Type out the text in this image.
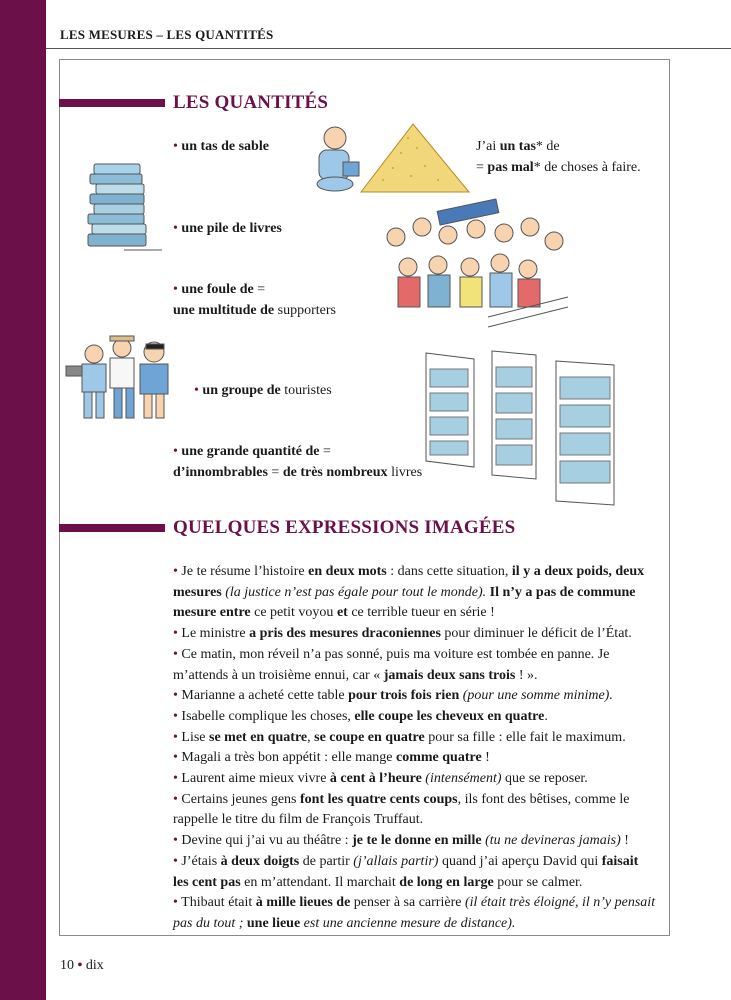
LES MESURES – LES QUANTITÉS
LES QUANTITÉS
• un tas de sable	J’ai un tas* de
= pas mal* de choses à faire.
• une pile de livres
• une foule de =
une multitude de supporters
• un groupe de touristes
• une grande quantité de =
d’innombrables = de très nombreux livres
QUELQUES EXPRESSIONS IMAGÉES

• Je te résume l’histoire en deux mots : dans cette situation, il y a deux poids, deux mesures (la justice n’est pas égale pour tout le monde). Il n’y a pas de commune mesure entre ce petit voyou et ce terrible tueur en série !

• Le ministre a pris des mesures draconiennes pour diminuer le déficit de l’État.

• Ce matin, mon réveil n’a pas sonné, puis ma voiture est tombée en panne. Je m’attends à un troisième ennui, car « jamais deux sans trois ! ».

• Marianne a acheté cette table pour trois fois rien (pour une somme minime).

• Isabelle complique les choses, elle coupe les cheveux en quatre.

• Lise se met en quatre, se coupe en quatre pour sa fille : elle fait le maximum.

• Magali a très bon appétit : elle mange comme quatre !

• Laurent aime mieux vivre à cent à l’heure (intensément) que se reposer.

• Certains jeunes gens font les quatre cents coups, ils font des bêtises, comme le rappelle le titre du film de François Truffaut.

• Devine qui j’ai vu au théâtre : je te le donne en mille (tu ne devineras jamais) !

• J’étais à deux doigts de partir (j’allais partir) quand j’ai aperçu David qui faisait les cent pas en m’attendant. Il marchait de long en large pour se calmer.

• Thibaut était à mille lieues de penser à sa carrière (il était très éloigné, il n’y pensait pas du tout ; une lieue est une ancienne mesure de distance).

10 • dix
